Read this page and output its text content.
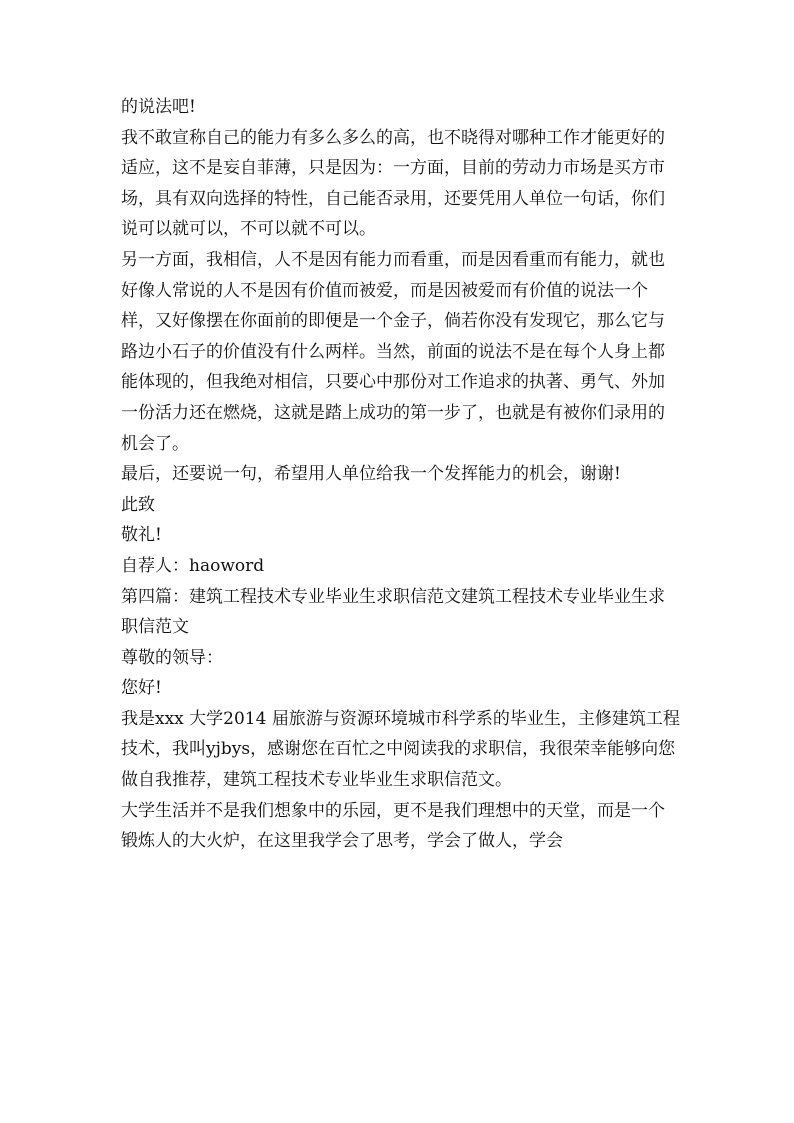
的说法吧!

我不敢宣称自己的能力有多么多么的高，也不晓得对哪种工作才能更好的适应，这不是妄自菲薄，只是因为：一方面，目前的劳动力市场是买方市场，具有双向选择的特性，自己能否录用，还要凭用人单位一句话，你们说可以就可以，不可以就不可以。

另一方面，我相信，人不是因有能力而看重，而是因看重而有能力，就也好像人常说的人不是因有价值而被爱，而是因被爱而有价值的说法一个样，又好像摆在你面前的即便是一个金子，倘若你没有发现它，那么它与路边小石子的价值没有什么两样。当然，前面的说法不是在每个人身上都能体现的，但我绝对相信，只要心中那份对工作追求的执著、勇气、外加一份活力还在燃烧，这就是踏上成功的第一步了，也就是有被你们录用的机会了。

最后，还要说一句，希望用人单位给我一个发挥能力的机会，谢谢!

此致

敬礼!

自荐人：haoword

第四篇：建筑工程技术专业毕业生求职信范文建筑工程技术专业毕业生求职信范文

尊敬的领导：

您好!

我是xxx 大学2014 届旅游与资源环境城市科学系的毕业生，主修建筑工程技术，我叫yjbys，感谢您在百忙之中阅读我的求职信，我很荣幸能够向您做自我推荐，建筑工程技术专业毕业生求职信范文。

大学生活并不是我们想象中的乐园，更不是我们理想中的天堂，而是一个锻炼人的大火炉，在这里我学会了思考，学会了做人，学会
